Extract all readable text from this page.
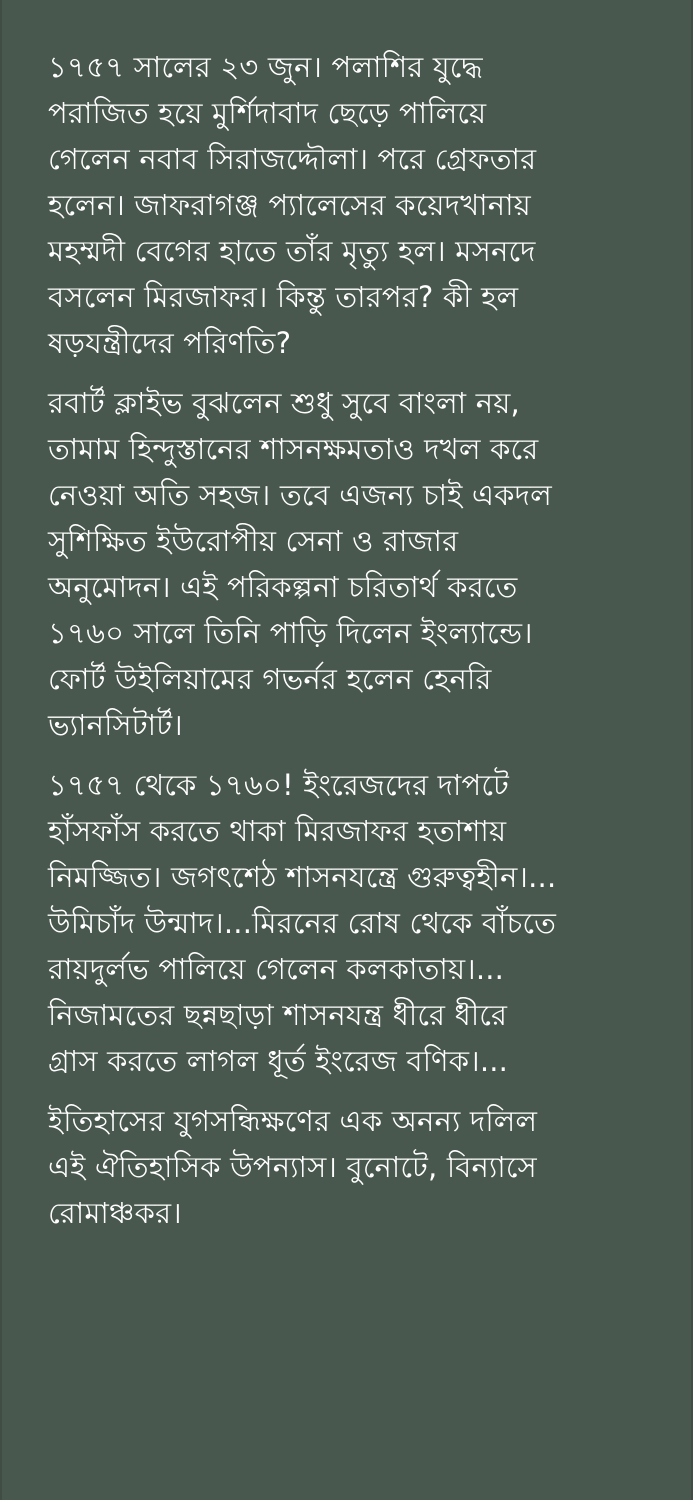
১৭৫৭ সালের ২৩ জুন। পলাশির যুদ্ধে
পরাজিত হয়ে মুর্শিদাবাদ ছেড়ে পালিয়ে
গেলেন নবাব সিরাজদ্দৌলা। পরে গ্রেফতার
হলেন। জাফরাগঞ্জ প্যালেসের কয়েদখানায়
মহম্মদী বেগের হাতে তাঁর মৃত্যু হল। মসনদে
বসলেন মিরজাফর। কিন্তু তারপর? কী হল
ষড়যন্ত্রীদের পরিণতি?

রবার্ট ক্লাইভ বুঝলেন শুধু সুবে বাংলা নয়,
তামাম হিন্দুস্তানের শাসনক্ষমতাও দখল করে
নেওয়া অতি সহজ। তবে এজন্য চাই একদল
সুশিক্ষিত ইউরোপীয় সেনা ও রাজার
অনুমোদন। এই পরিকল্পনা চরিতার্থ করতে
১৭৬০ সালে তিনি পাড়ি দিলেন ইংল্যান্ডে।
ফোর্ট উইলিয়ামের গভর্নর হলেন হেনরি
ভ্যানসিটার্ট।

১৭৫৭ থেকে ১৭৬০! ইংরেজদের দাপটে
হাঁসফাঁস করতে থাকা মিরজাফর হতাশায়
নিমজ্জিত। জগৎশেঠ শাসনযন্ত্রে গুরুত্বহীন।...
উমিচাঁদ উন্মাদ।...মিরনের রোষ থেকে বাঁচতে
রায়দুর্লভ পালিয়ে গেলেন কলকাতায়।...
নিজামতের ছন্নছাড়া শাসনযন্ত্র ধীরে ধীরে
গ্রাস করতে লাগল ধূর্ত ইংরেজ বণিক।...

ইতিহাসের যুগসন্ধিক্ষণের এক অনন্য দলিল
এই ঐতিহাসিক উপন্যাস। বুনোটে, বিন্যাসে
রোমাঞ্চকর।
